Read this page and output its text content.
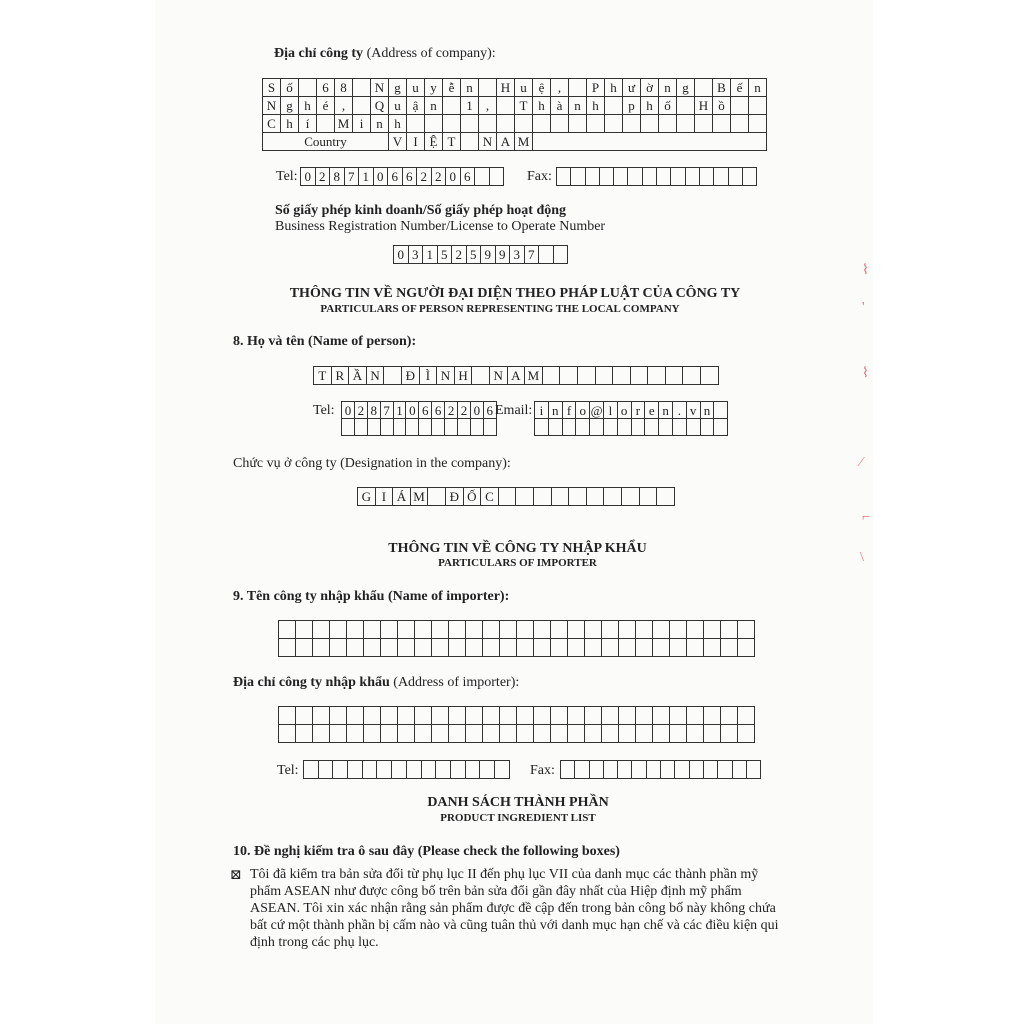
Địa chỉ công ty (Address of company):
S ố	6 8	N g u y ễ n	H u ệ	,	P h ư ờ n g	B ế n
N g h é	,	Q u ậ n	1	,	T h à n h	p h ố	H ồ
C h í	M i n h
Country	V I Ệ T	N A M
Tel: 0 2 8 7 1 0 6 6 2 2 0 6	Fax:
Số giấy phép kinh doanh/Số giấy phép hoạt động
Business Registration Number/License to Operate Number
0 3 1 5 2 5 9 9 3 7
THÔNG TIN VỀ NGƯỜI ĐẠI DIỆN THEO PHÁP LUẬT CỦA CÔNG TY
PARTICULARS OF PERSON REPRESENTING THE LOCAL COMPANY
8. Họ và tên (Name of person):
T R Ầ N	Đ Ì N H	N A M
Tel: 0 2 8 7 1 0 6 6 2 2 0 6 Email: i n f o @ l o r e n . v n
Chức vụ ở công ty (Designation in the company):
G I Á M Đ Ố C
THÔNG TIN VỀ CÔNG TY NHẬP KHẨU
PARTICULARS OF IMPORTER
9. Tên công ty nhập khẩu (Name of importer):
Địa chỉ công ty nhập khẩu (Address of importer):
Tel:	Fax:
DANH SÁCH THÀNH PHẦN
PRODUCT INGREDIENT LIST
10. Đề nghị kiểm tra ô sau đây (Please check the following boxes)
⊠ Tôi đã kiểm tra bản sửa đổi từ phụ lục II đến phụ lục VII của danh mục các thành phần mỹ
phẩm ASEAN như được công bố trên bản sửa đổi gần đây nhất của Hiệp định mỹ phẩm
ASEAN. Tôi xin xác nhận rằng sản phẩm được đề cập đến trong bản công bố này không chứa
bất cứ một thành phần bị cấm nào và cũng tuân thủ với danh mục hạn chế và các điều kiện qui
định trong các phụ lục.
⌇
'
⌇
⁄
⌐
\
